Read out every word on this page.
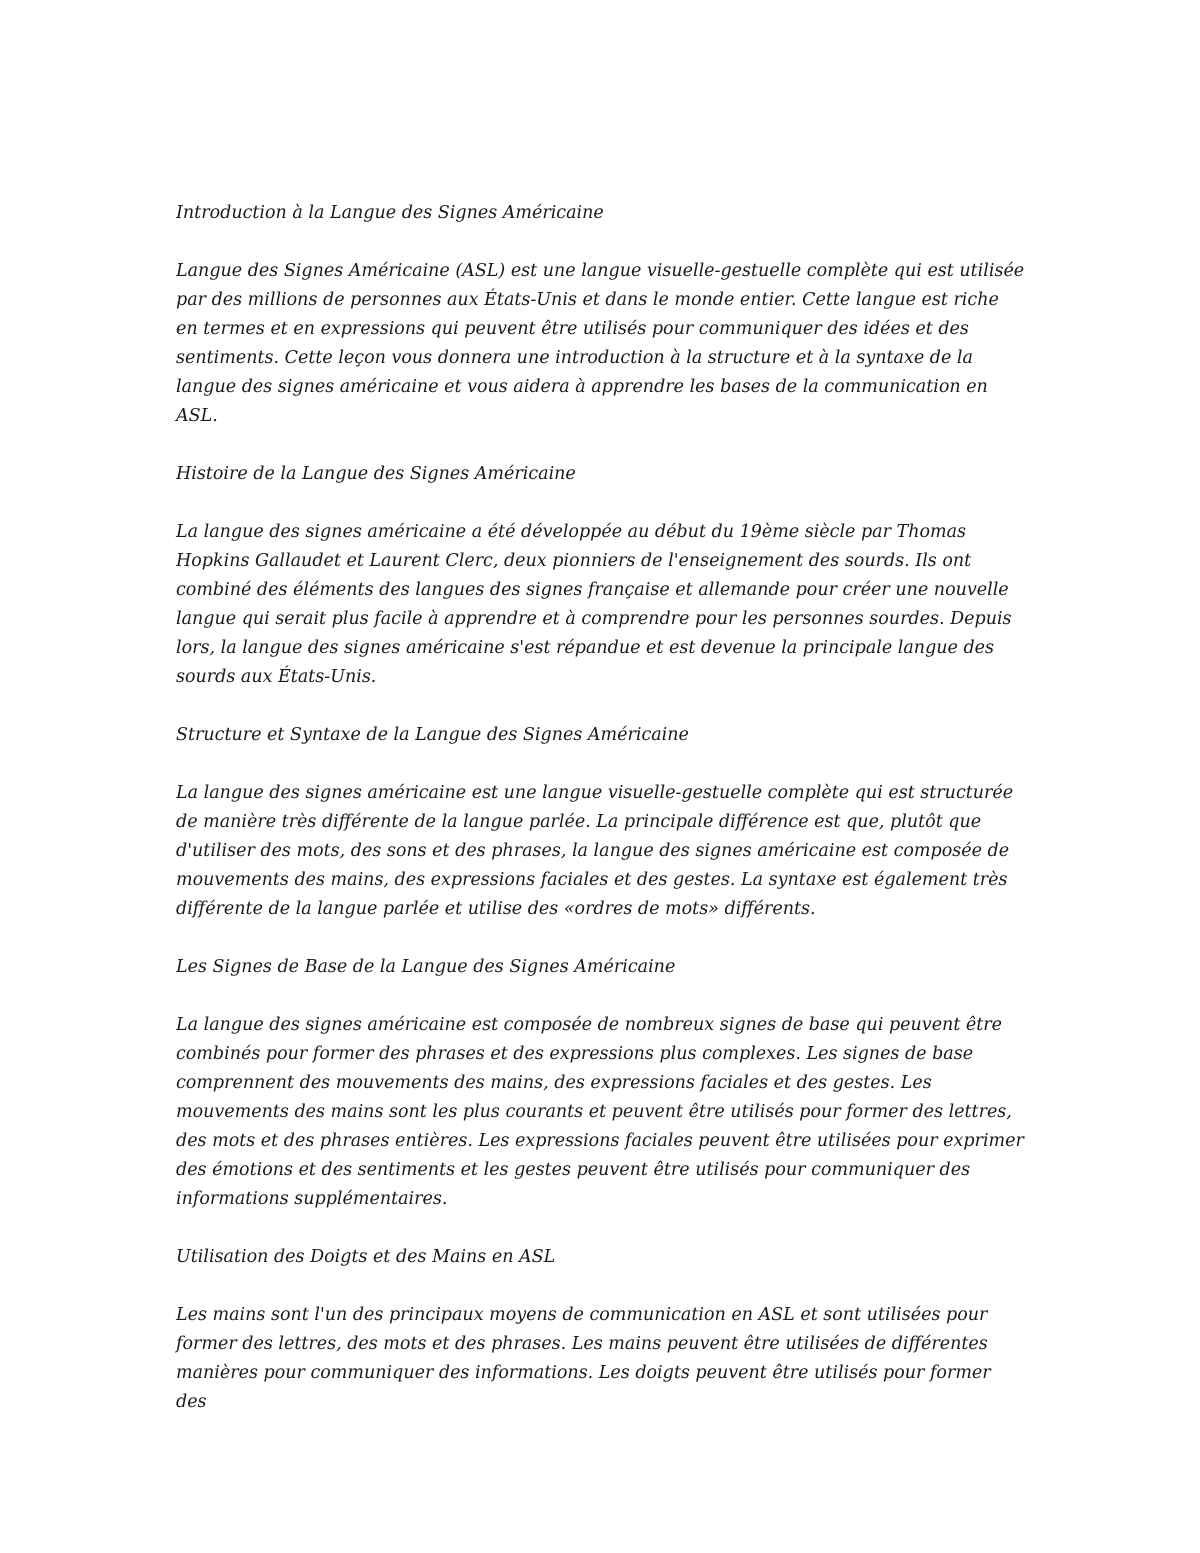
Introduction à la Langue des Signes Américaine

Langue des Signes Américaine (ASL) est une langue visuelle-gestuelle complète qui est utilisée par des millions de personnes aux États-Unis et dans le monde entier. Cette langue est riche en termes et en expressions qui peuvent être utilisés pour communiquer des idées et des sentiments. Cette leçon vous donnera une introduction à la structure et à la syntaxe de la langue des signes américaine et vous aidera à apprendre les bases de la communication en ASL.

Histoire de la Langue des Signes Américaine

La langue des signes américaine a été développée au début du 19ème siècle par Thomas Hopkins Gallaudet et Laurent Clerc, deux pionniers de l'enseignement des sourds. Ils ont combiné des éléments des langues des signes française et allemande pour créer une nouvelle langue qui serait plus facile à apprendre et à comprendre pour les personnes sourdes. Depuis lors, la langue des signes américaine s'est répandue et est devenue la principale langue des sourds aux États-Unis.

Structure et Syntaxe de la Langue des Signes Américaine

La langue des signes américaine est une langue visuelle-gestuelle complète qui est structurée de manière très différente de la langue parlée. La principale différence est que, plutôt que d'utiliser des mots, des sons et des phrases, la langue des signes américaine est composée de mouvements des mains, des expressions faciales et des gestes. La syntaxe est également très différente de la langue parlée et utilise des «ordres de mots» différents.

Les Signes de Base de la Langue des Signes Américaine

La langue des signes américaine est composée de nombreux signes de base qui peuvent être combinés pour former des phrases et des expressions plus complexes. Les signes de base comprennent des mouvements des mains, des expressions faciales et des gestes. Les mouvements des mains sont les plus courants et peuvent être utilisés pour former des lettres, des mots et des phrases entières. Les expressions faciales peuvent être utilisées pour exprimer des émotions et des sentiments et les gestes peuvent être utilisés pour communiquer des informations supplémentaires.

Utilisation des Doigts et des Mains en ASL

Les mains sont l'un des principaux moyens de communication en ASL et sont utilisées pour former des lettres, des mots et des phrases. Les mains peuvent être utilisées de différentes manières pour communiquer des informations. Les doigts peuvent être utilisés pour former des
